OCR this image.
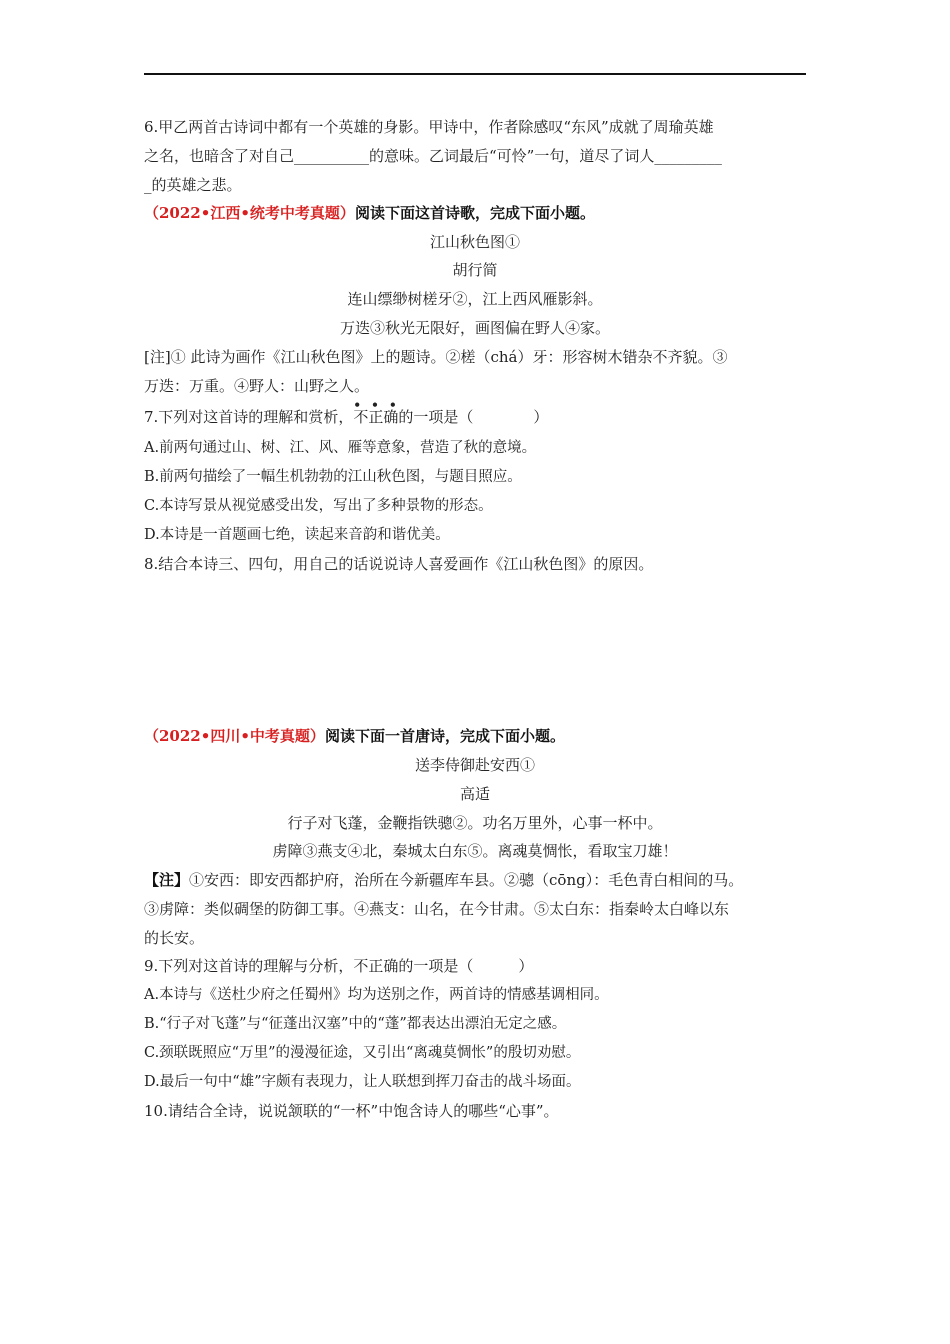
6.甲乙两首古诗词中都有一个英雄的身影。甲诗中，作者除感叹“东风”成就了周瑜英雄
之名，也暗含了对自己__________的意味。乙词最后“可怜”一句，道尽了词人_________
_的英雄之悲。
（2022•江西•统考中考真题）阅读下面这首诗歌，完成下面小题。
江山秋色图①
胡行简
连山缥缈树槎牙②，江上西风雁影斜。
万迭③秋光无限好，画图偏在野人④家。
[注]① 此诗为画作《江山秋色图》上的题诗。②槎（chá）牙：形容树木错杂不齐貌。③
万迭：万重。④野人：山野之人。
7.下列对这首诗的理解和赏析，
• • •
不正确的一项是（　　　　）
A.前两句通过山、树、江、风、雁等意象，营造了秋的意境。
B.前两句描绘了一幅生机勃勃的江山秋色图，与题目照应。
C.本诗写景从视觉感受出发，写出了多种景物的形态。
D.本诗是一首题画七绝，读起来音韵和谐优美。
8.结合本诗三、四句，用自己的话说说诗人喜爱画作《江山秋色图》的原因。
（2022•四川•中考真题）阅读下面一首唐诗，完成下面小题。
送李侍御赴安西①
高适
行子对飞蓬，金鞭指铁骢②。功名万里外，心事一杯中。
虏障③燕支④北，秦城太白东⑤。离魂莫惆怅，看取宝刀雄！
【注】①安西：即安西都护府，治所在今新疆库车县。②骢（cōng）：毛色青白相间的马。
③虏障：类似碉堡的防御工事。④燕支：山名，在今甘肃。⑤太白东：指秦岭太白峰以东
的长安。
9.下列对这首诗的理解与分析，不正确的一项是（　　　）
A.本诗与《送杜少府之任蜀州》均为送别之作，两首诗的情感基调相同。
B.“行子对飞蓬”与“征蓬出汉塞”中的“蓬”都表达出漂泊无定之感。
C.颈联既照应“万里”的漫漫征途，又引出“离魂莫惆怅”的殷切劝慰。
D.最后一句中“雄”字颇有表现力，让人联想到挥刀奋击的战斗场面。
10.请结合全诗，说说颔联的“一杯”中饱含诗人的哪些“心事”。
